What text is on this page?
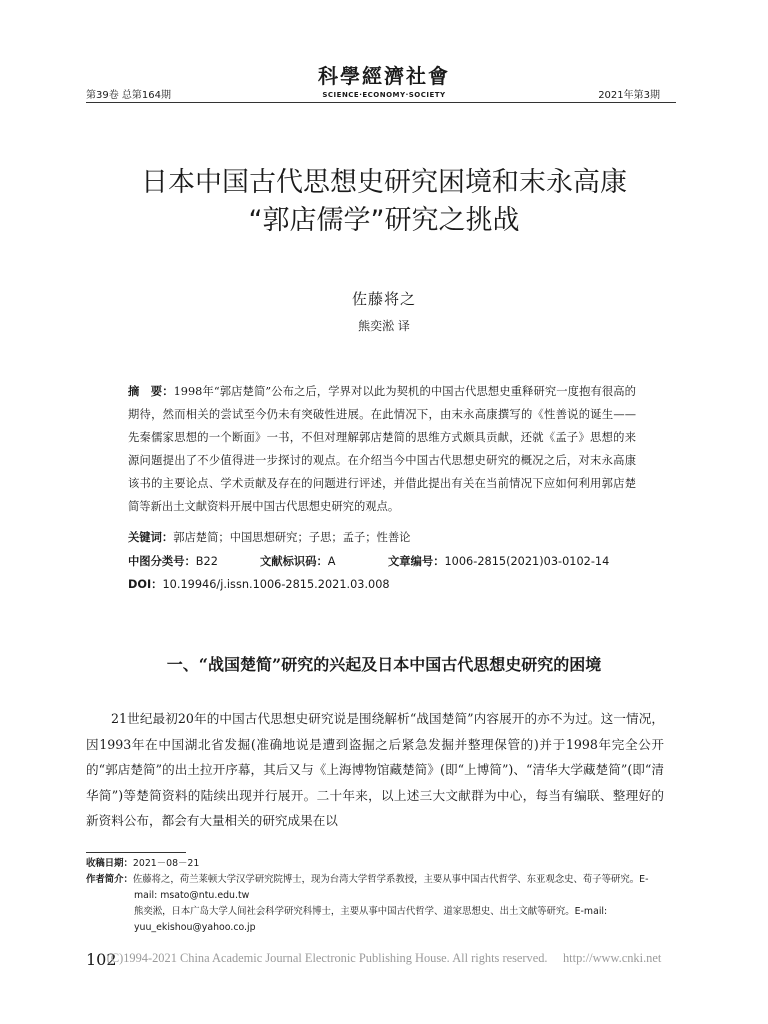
第39卷 总第164期
科學經濟社會
SCIENCE·ECONOMY·SOCIETY	2021年第3期
日本中国古代思想史研究困境和末永高康
“郭店儒学”研究之挑战
佐藤将之
熊奕淞 译
摘　要：1998年“郭店楚简”公布之后，学界对以此为契机的中国古代思想史重释研究一度抱有很高的期待，然而相关的尝试至今仍未有突破性进展。在此情况下，由末永高康撰写的《性善说的诞生——先秦儒家思想的一个断面》一书，不但对理解郭店楚简的思维方式颇具贡献，还就《孟子》思想的来源问题提出了不少值得进一步探讨的观点。在介绍当今中国古代思想史研究的概况之后，对末永高康该书的主要论点、学术贡献及存在的问题进行评述，并借此提出有关在当前情况下应如何利用郭店楚简等新出土文献资料开展中国古代思想史研究的观点。
关键词：郭店楚简；中国思想研究；子思；孟子；性善论
中图分类号：B22	文献标识码：A	文章编号：1006-2815(2021)03-0102-14
DOI：10.19946/j.issn.1006-2815.2021.03.008
一、“战国楚简”研究的兴起及日本中国古代思想史研究的困境
21世纪最初20年的中国古代思想史研究说是围绕解析“战国楚简”内容展开的亦不为过。这一情况，因1993年在中国湖北省发掘(准确地说是遭到盗掘之后紧急发掘并整理保管的)并于1998年完全公开的“郭店楚简”的出土拉开序幕，其后又与《上海博物馆藏楚简》(即“上博简”)、“清华大学藏楚简”(即“清华简”)等楚简资料的陆续出现并行展开。二十年来，以上述三大文献群为中心，每当有编联、整理好的新资料公布，都会有大量相关的研究成果在以
收稿日期：2021－08－21
作者简介：佐藤将之，荷兰莱顿大学汉学研究院博士，现为台湾大学哲学系教授，主要从事中国古代哲学、东亚观念史、荀子等研究。E-mail: msato@ntu.edu.tw
熊奕淞，日本广岛大学人间社会科学研究科博士，主要从事中国古代哲学、道家思想史、出土文献等研究。E-mail: yuu_ekishou@yahoo.co.jp
102
(C)1994-2021 China Academic Journal Electronic Publishing House. All rights reserved.　 http://www.cnki.net
